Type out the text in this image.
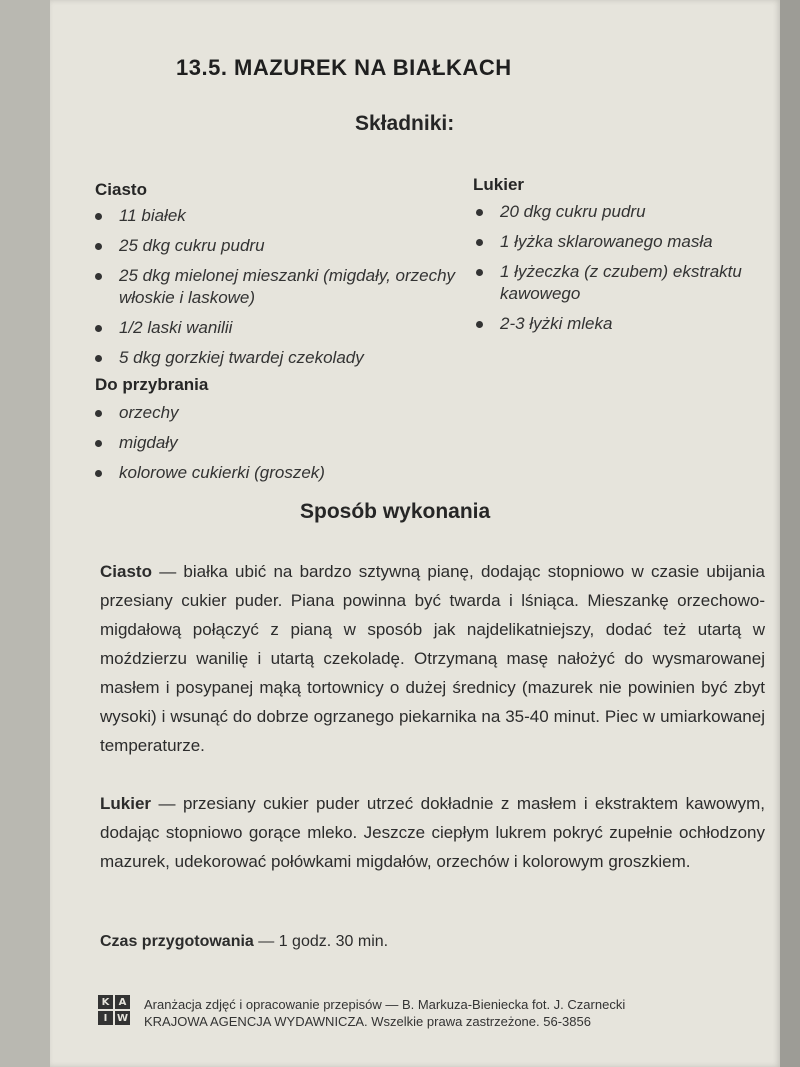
13.5. MAZUREK NA BIAŁKACH
Składniki:
Ciasto
11 białek
25 dkg cukru pudru
25 dkg mielonej mieszanki (migdały, orzechy włoskie i laskowe)
1/2 laski wanilii
5 dkg gorzkiej twardej czekolady
Do przybrania
orzechy
migdały
kolorowe cukierki (groszek)
Lukier
20 dkg cukru pudru
1 łyżka sklarowanego masła
1 łyżeczka (z czubem) ekstraktu kawowego
2-3 łyżki mleka
Sposób wykonania
Ciasto — białka ubić na bardzo sztywną pianę, dodając stopniowo w czasie ubijania przesiany cukier puder. Piana powinna być twarda i lśniąca. Mieszankę orzechowo-migdałową połączyć z pianą w sposób jak najdelikatniejszy, dodać też utartą w moździerzu wanilię i utartą czekoladę. Otrzymaną masę nałożyć do wysmarowanej masłem i posypanej mąką tortownicy o dużej średnicy (mazurek nie powinien być zbyt wysoki) i wsunąć do dobrze ogrzanego piekarnika na 35-40 minut. Piec w umiarkowanej temperaturze.
Lukier — przesiany cukier puder utrzeć dokładnie z masłem i ekstraktem kawowym, dodając stopniowo gorące mleko. Jeszcze ciepłym lukrem pokryć zupełnie ochłodzony mazurek, udekorować połówkami migdałów, orzechów i kolorowym groszkiem.
Czas przygotowania — 1 godz. 30 min.
K A
I W
Aranżacja zdjęć i opracowanie przepisów — B. Markuza-Bieniecka fot. J. Czarnecki
KRAJOWA AGENCJA WYDAWNICZA. Wszelkie prawa zastrzeżone. 56-3856
